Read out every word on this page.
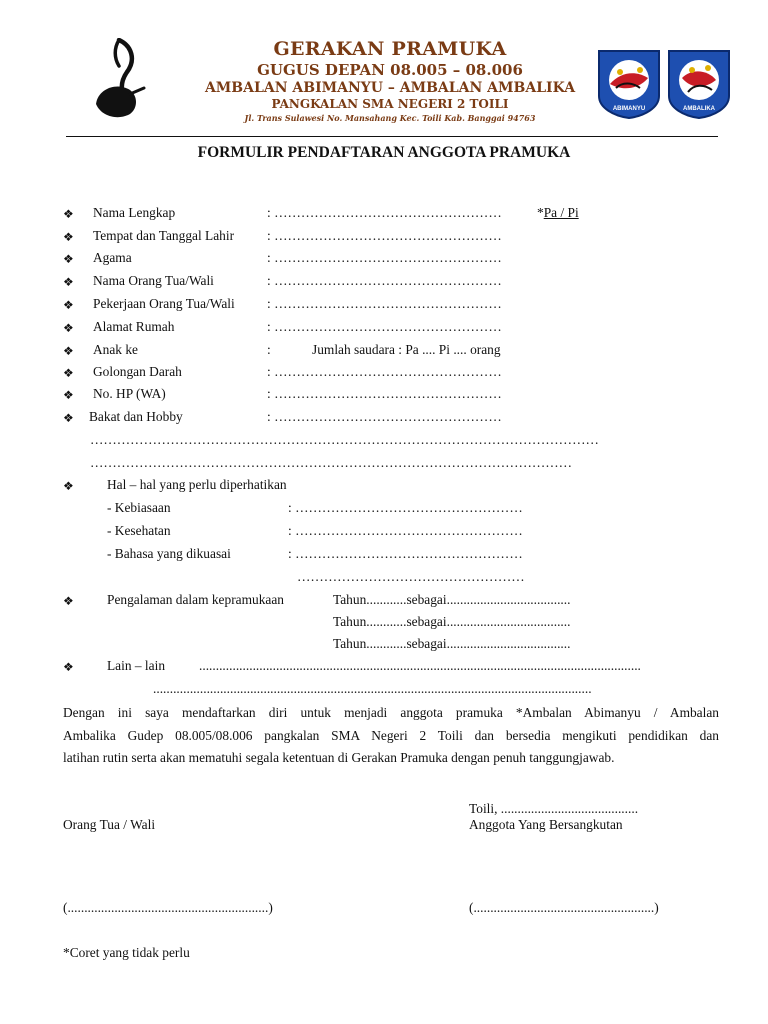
GERAKAN PRAMUKA
GUGUS DEPAN 08.005 – 08.006
AMBALAN ABIMANYU – AMBALAN AMBALIKA
PANGKALAN SMA NEGERI 2 TOILI
Jl. Trans Sulawesi No. Mansahang Kec. Toili Kab. Banggai 94763
ABIMANYU	AMBALIKA
FORMULIR PENDAFTARAN ANGGOTA PRAMUKA
❖ Nama Lengkap	: ……………………………………………	*Pa / Pi
❖ Tempat dan Tanggal Lahir : ……………………………………………
❖ Agama	: ……………………………………………
❖ Nama Orang Tua/Wali	: ……………………………………………
❖ Pekerjaan Orang Tua/Wali : ……………………………………………
❖ Alamat Rumah	: ……………………………………………
❖ Anak ke	:	Jumlah saudara : Pa .... Pi .... orang
❖ Golongan Darah	: ……………………………………………
❖ No. HP (WA)	: ……………………………………………
❖ Bakat dan Hobby	: ……………………………………………
……………………………………………………………………………………………………
………………………………………………………………………………………………
❖ Hal – hal yang perlu diperhatikan
- Kebiasaan	: ……………………………………………
- Kesehatan	: ……………………………………………
- Bahasa yang dikuasai	: ……………………………………………
……………………………………………
❖ Pengalaman dalam kepramukaan	Tahun............sebagai.....................................
Tahun............sebagai.....................................
Tahun............sebagai.....................................
❖ Lain – lain	....................................................................................................................................
...................................................................................................................................
Dengan ini saya mendaftarkan diri untuk menjadi anggota pramuka *Ambalan Abimanyu / Ambalan
Ambalika Gudep 08.005/08.006 pangkalan SMA Negeri 2 Toili dan bersedia mengikuti pendidikan dan
latihan rutin serta akan mematuhi segala ketentuan di Gerakan Pramuka dengan penuh tanggungjawab.
Toili, .........................................
Orang Tua / Wali	Anggota Yang Bersangkutan
(............................................................)	(......................................................)
*Coret yang tidak perlu
